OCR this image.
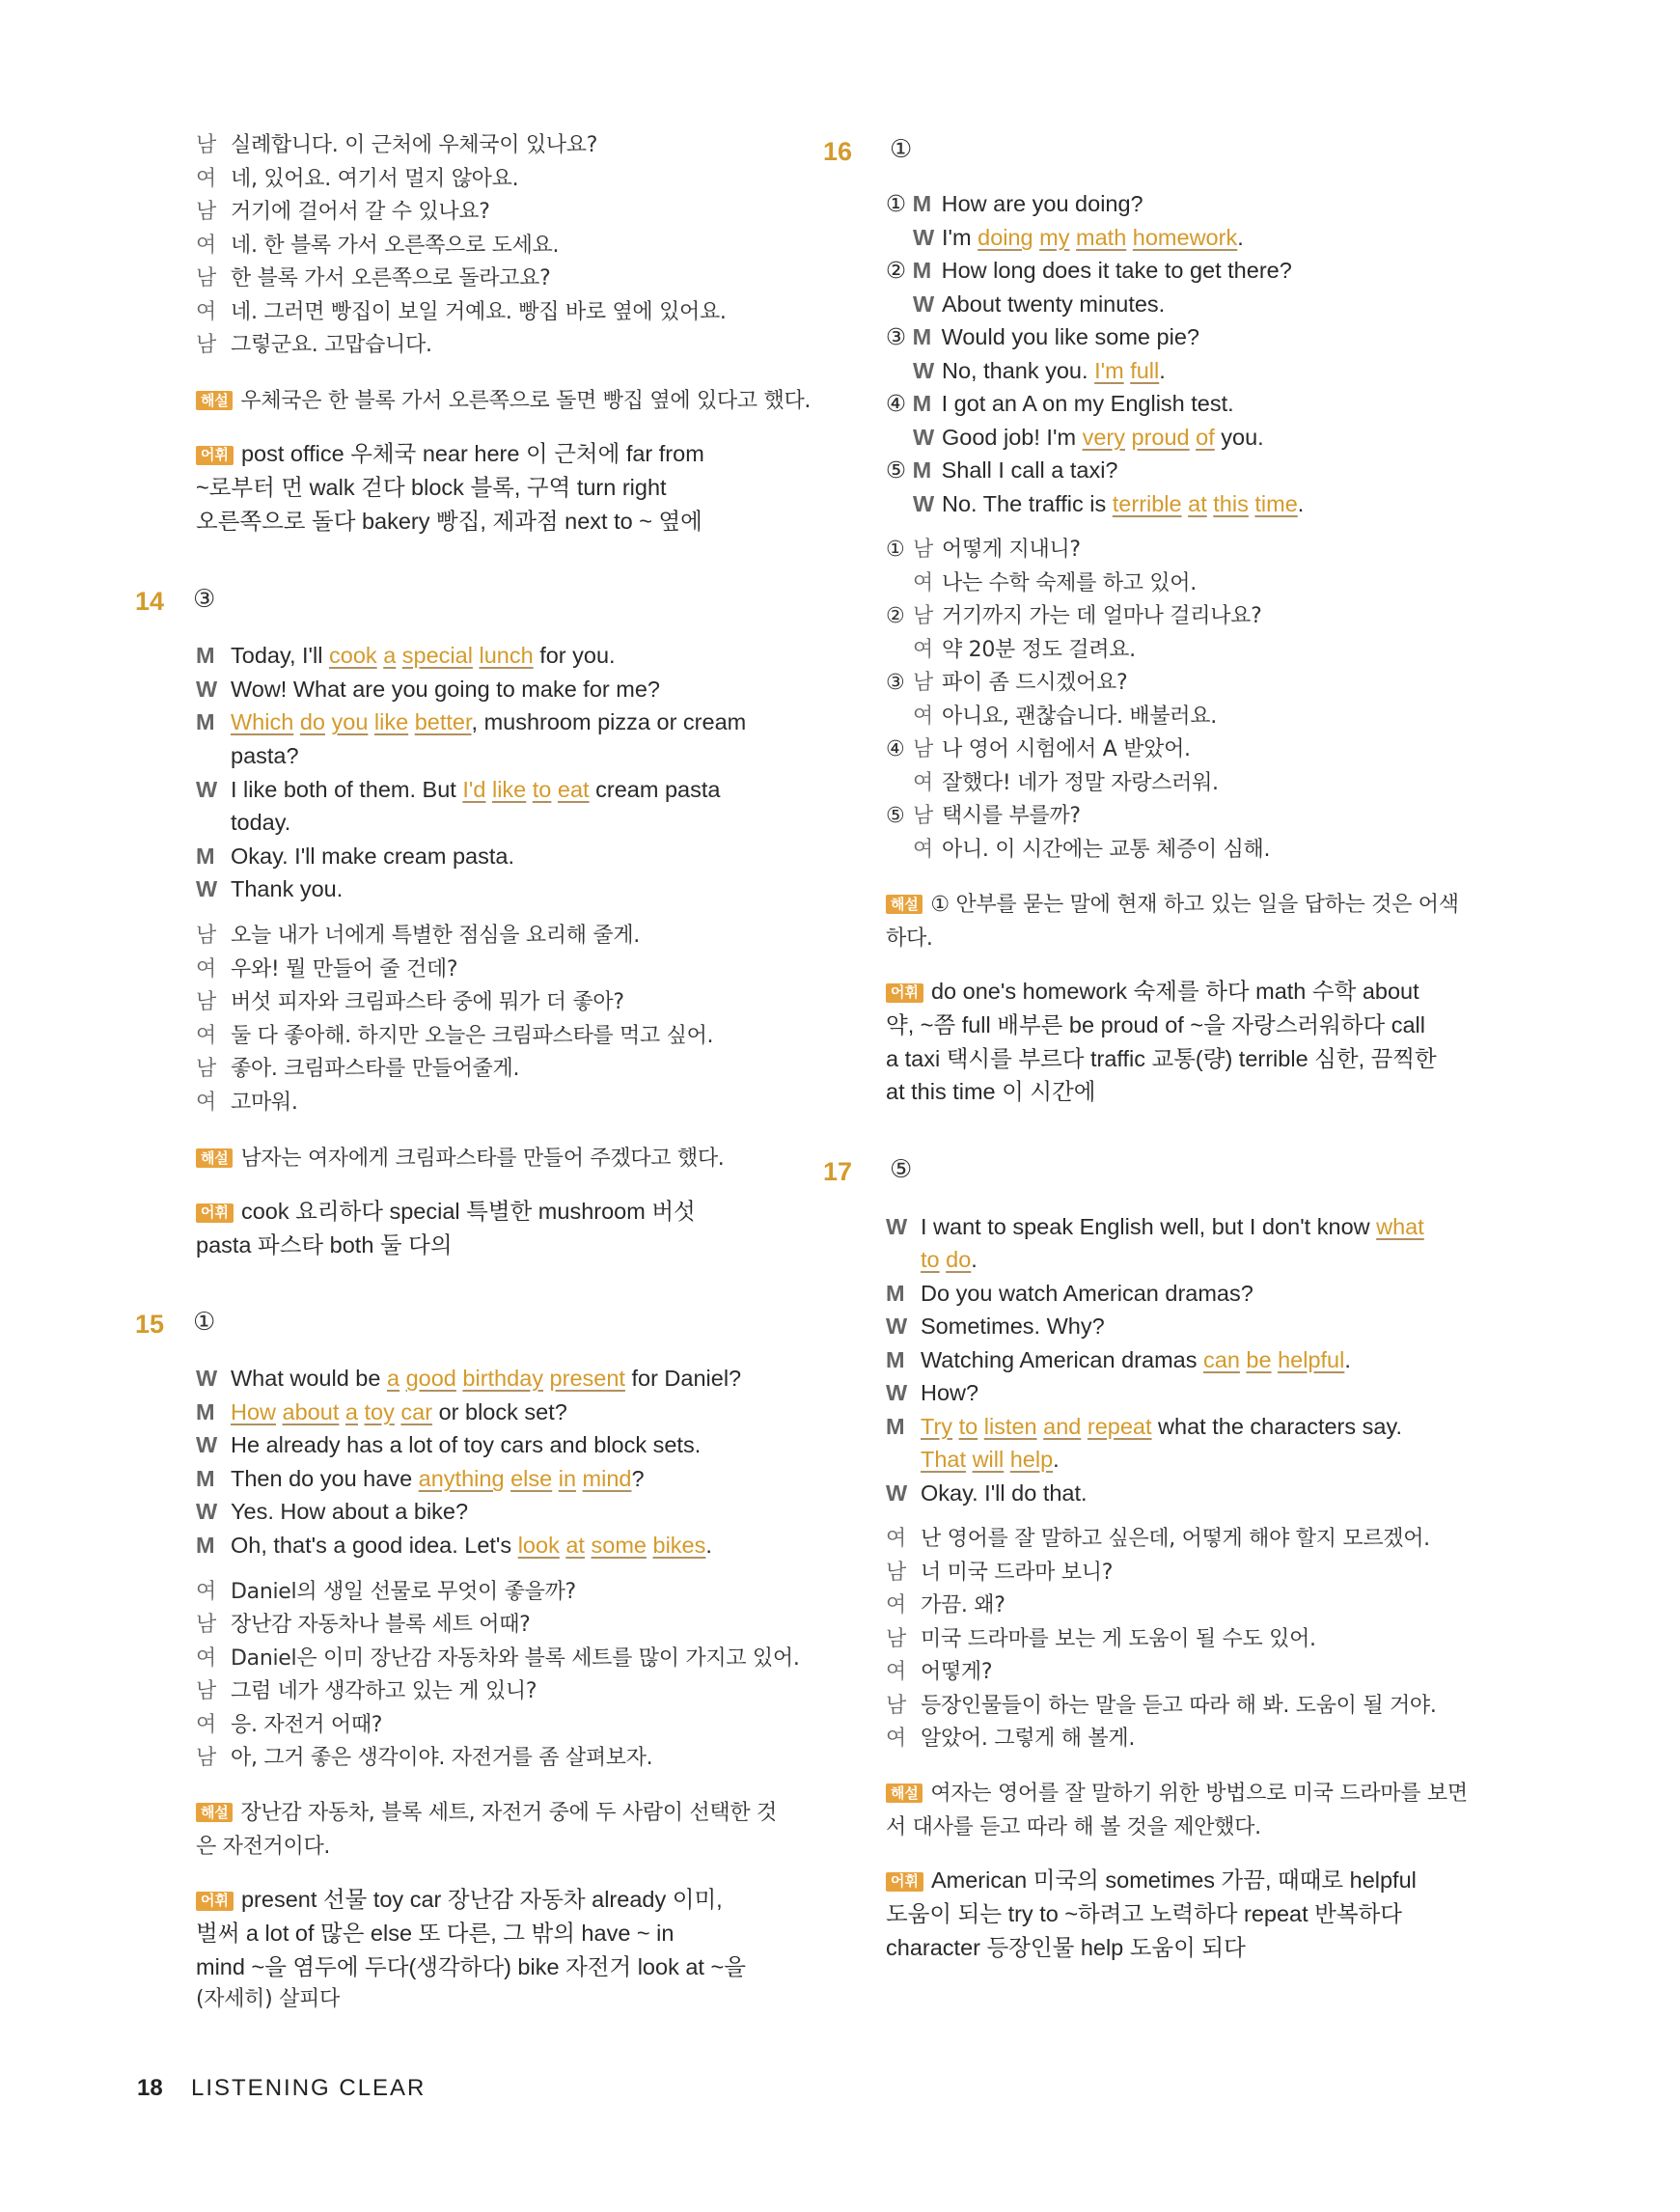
남 실례합니다. 이 근처에 우체국이 있나요?
여 네, 있어요. 여기서 멀지 않아요.
남 거기에 걸어서 갈 수 있나요?
여 네. 한 블록 가서 오른쪽으로 도세요.
남 한 블록 가서 오른쪽으로 돌라고요?
여 네. 그러면 빵집이 보일 거예요. 빵집 바로 옆에 있어요.
남 그렇군요. 고맙습니다.
해설 우체국은 한 블록 가서 오른쪽으로 돌면 빵집 옆에 있다고 했다.
어휘 post office 우체국 near here 이 근처에 far from
~로부터 먼 walk 걷다 block 블록, 구역 turn right
오른쪽으로 돌다 bakery 빵집, 제과점 next to ~ 옆에
14 ③
M Today, I'll cook a special lunch for you.
W Wow! What are you going to make for me?
M Which do you like better, mushroom pizza or cream
pasta?
W I like both of them. But I'd like to eat cream pasta
today.
M Okay. I'll make cream pasta.
W Thank you.
남 오늘 내가 너에게 특별한 점심을 요리해 줄게.
여 우와! 뭘 만들어 줄 건데?
남 버섯 피자와 크림파스타 중에 뭐가 더 좋아?
여 둘 다 좋아해. 하지만 오늘은 크림파스타를 먹고 싶어.
남 좋아. 크림파스타를 만들어줄게.
여 고마워.
해설 남자는 여자에게 크림파스타를 만들어 주겠다고 했다.
어휘 cook 요리하다 special 특별한 mushroom 버섯
pasta 파스타 both 둘 다의
15 ①
W What would be a good birthday present for Daniel?
M How about a toy car or block set?
W He already has a lot of toy cars and block sets.
M Then do you have anything else in mind?
W Yes. How about a bike?
M Oh, that's a good idea. Let's look at some bikes.
여 Daniel의 생일 선물로 무엇이 좋을까?
남 장난감 자동차나 블록 세트 어때?
여 Daniel은 이미 장난감 자동차와 블록 세트를 많이 가지고 있어.
남 그럼 네가 생각하고 있는 게 있니?
여 응. 자전거 어때?
남 아, 그거 좋은 생각이야. 자전거를 좀 살펴보자.
해설 장난감 자동차, 블록 세트, 자전거 중에 두 사람이 선택한 것
은 자전거이다.
어휘 present 선물 toy car 장난감 자동차 already 이미,
벌써 a lot of 많은 else 또 다른, 그 밖의 have ~ in
mind ~을 염두에 두다(생각하다) bike 자전거 look at ~을
(자세히) 살피다
16 ①
① M How are you doing?
W I'm doing my math homework.
② M How long does it take to get there?
W About twenty minutes.
③ M Would you like some pie?
W No, thank you. I'm full.
④ M I got an A on my English test.
W Good job! I'm very proud of you.
⑤ M Shall I call a taxi?
W No. The traffic is terrible at this time.
① 남 어떻게 지내니?
여 나는 수학 숙제를 하고 있어.
② 남 거기까지 가는 데 얼마나 걸리나요?
여 약 20분 정도 걸려요.
③ 남 파이 좀 드시겠어요?
여 아니요, 괜찮습니다. 배불러요.
④ 남 나 영어 시험에서 A 받았어.
여 잘했다! 네가 정말 자랑스러워.
⑤ 남 택시를 부를까?
여 아니. 이 시간에는 교통 체증이 심해.
해설 ① 안부를 묻는 말에 현재 하고 있는 일을 답하는 것은 어색
하다.
어휘 do one's homework 숙제를 하다 math 수학 about
약, ~쯤 full 배부른 be proud of ~을 자랑스러워하다 call
a taxi 택시를 부르다 traffic 교통(량) terrible 심한, 끔찍한
at this time 이 시간에
17 ⑤
W I want to speak English well, but I don't know what
to do.
M Do you watch American dramas?
W Sometimes. Why?
M Watching American dramas can be helpful.
W How?
M Try to listen and repeat what the characters say.
That will help.
W Okay. I'll do that.
여 난 영어를 잘 말하고 싶은데, 어떻게 해야 할지 모르겠어.
남 너 미국 드라마 보니?
여 가끔. 왜?
남 미국 드라마를 보는 게 도움이 될 수도 있어.
여 어떻게?
남 등장인물들이 하는 말을 듣고 따라 해 봐. 도움이 될 거야.
여 알았어. 그렇게 해 볼게.
해설 여자는 영어를 잘 말하기 위한 방법으로 미국 드라마를 보면
서 대사를 듣고 따라 해 볼 것을 제안했다.
어휘 American 미국의 sometimes 가끔, 때때로 helpful
도움이 되는 try to ~하려고 노력하다 repeat 반복하다
character 등장인물 help 도움이 되다
18 LISTENING CLEAR
